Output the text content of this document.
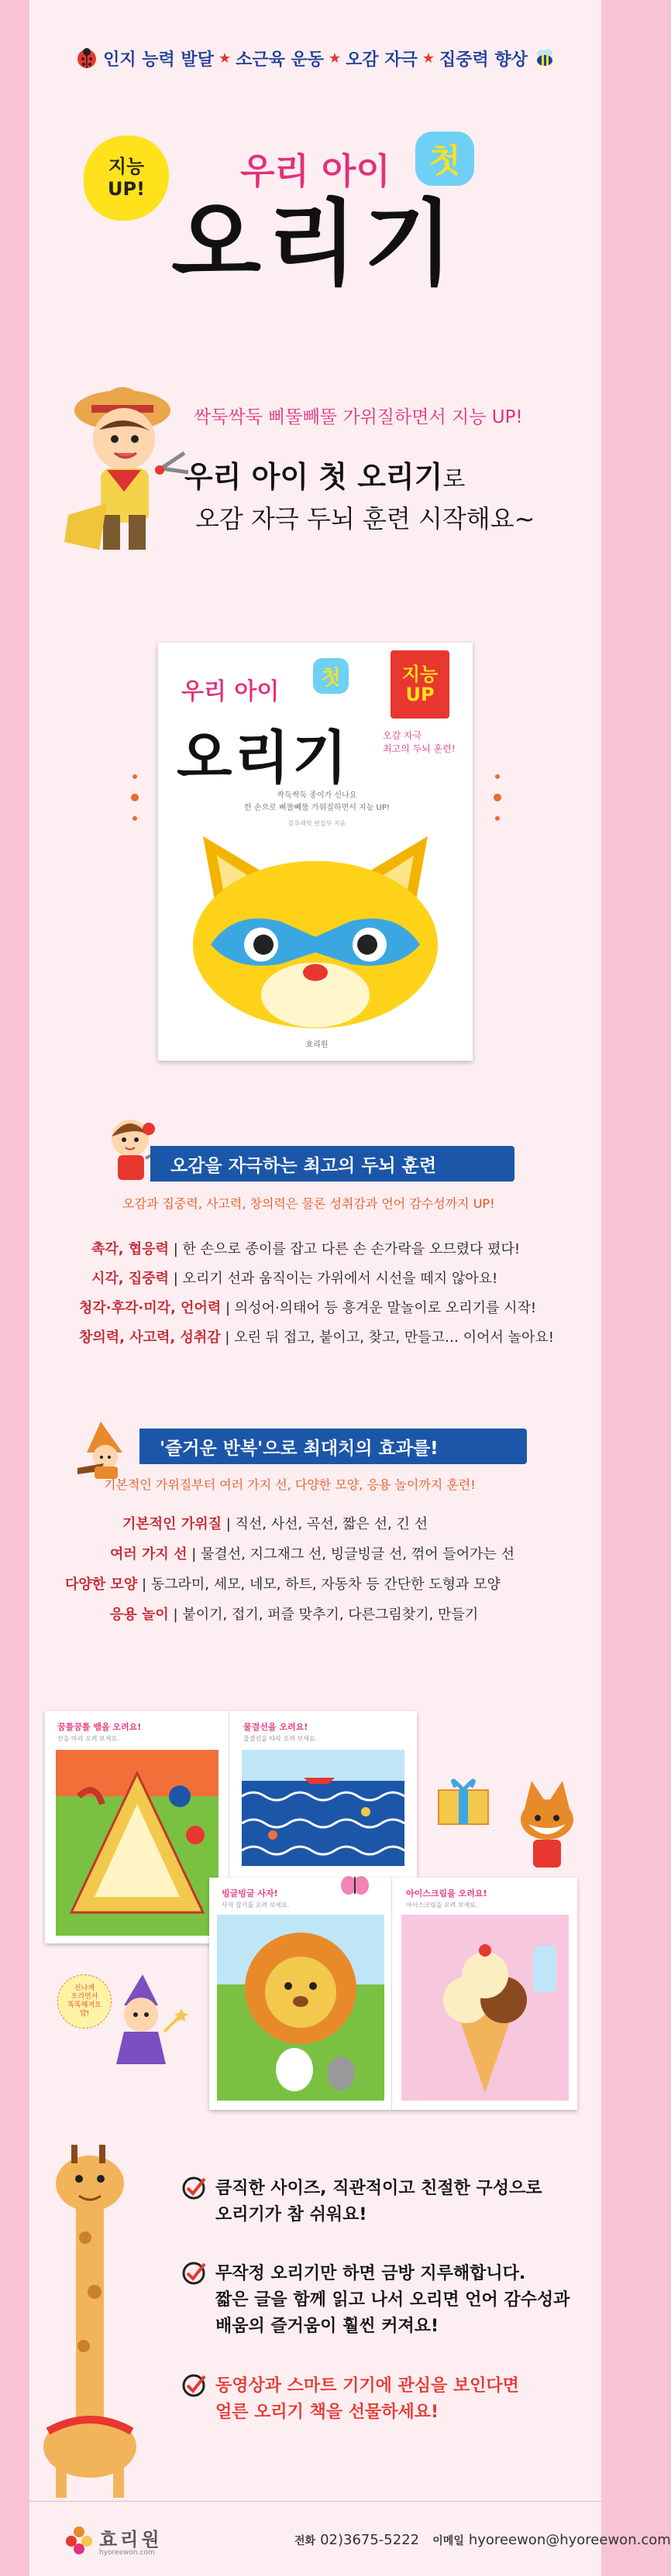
인지 능력 발달 ★ 소근육 운동 ★ 오감 자극 ★ 집중력 향상
지능
UP!	우리 아이	첫
오리기
싹둑싹둑 삐뚤빼뚤 가위질하면서 지능 UP!
우리 아이 첫 오리기로
오감 자극 두뇌 훈련 시작해요~
우리 아이
첫
오리기
지능
UP
오감 자극
최고의 두뇌 훈련!
싹둑싹둑 종이가 신나요
한 손으로 삐뚤빼뚤 가위질하면서 지능 UP!
블루래빗 편집부 지음
효리원
오감을 자극하는 최고의 두뇌 훈련
오감과 집중력, 사고력, 창의력은 물론 성취감과 언어 감수성까지 UP!
촉각, 협응력 | 한 손으로 종이를 잡고 다른 손 손가락을 오므렸다 폈다!
시각, 집중력 | 오리기 선과 움직이는 가위에서 시선을 떼지 않아요!
청각·후각·미각, 언어력 | 의성어·의태어 등 흥겨운 말놀이로 오리기를 시작!
창의력, 사고력, 성취감 | 오린 뒤 접고, 붙이고, 찾고, 만들고… 이어서 놀아요!
'즐거운 반복'으로 최대치의 효과를!
기본적인 가위질부터 여러 가지 선, 다양한 모양, 응용 놀이까지 훈련!
기본적인 가위질 | 직선, 사선, 곡선, 짧은 선, 긴 선
여러 가지 선 | 물결선, 지그재그 선, 빙글빙글 선, 꺾어 들어가는 선
다양한 모양 | 동그라미, 세모, 네모, 하트, 자동차 등 간단한 도형과 모양
응용 놀이 | 붙이기, 접기, 퍼즐 맞추기, 다른그림찾기, 만들기
꿈틀꿈틀 뱀을 오려요!
선을 따라 오려 보세요.
물결선을 오려요!
물결선을 따라 오려 보세요.
빙글빙글 사자!
사자 갈기를 오려 보세요.
아이스크림을 오려요!
아이스크림을 오려 보세요.
신나게
오리면서
똑똑해져요
얍!
큼직한 사이즈, 직관적이고 친절한 구성으로
오리기가 참 쉬워요!
무작정 오리기만 하면 금방 지루해합니다.
짧은 글을 함께 읽고 나서 오리면 언어 감수성과
배움의 즐거움이 훨씬 커져요!
동영상과 스마트 기기에 관심을 보인다면
얼른 오리기 책을 선물하세요!
효리원
hyoreewon.com
전화 02)3675-5222 이메일 hyoreewon@hyoreewon.com
